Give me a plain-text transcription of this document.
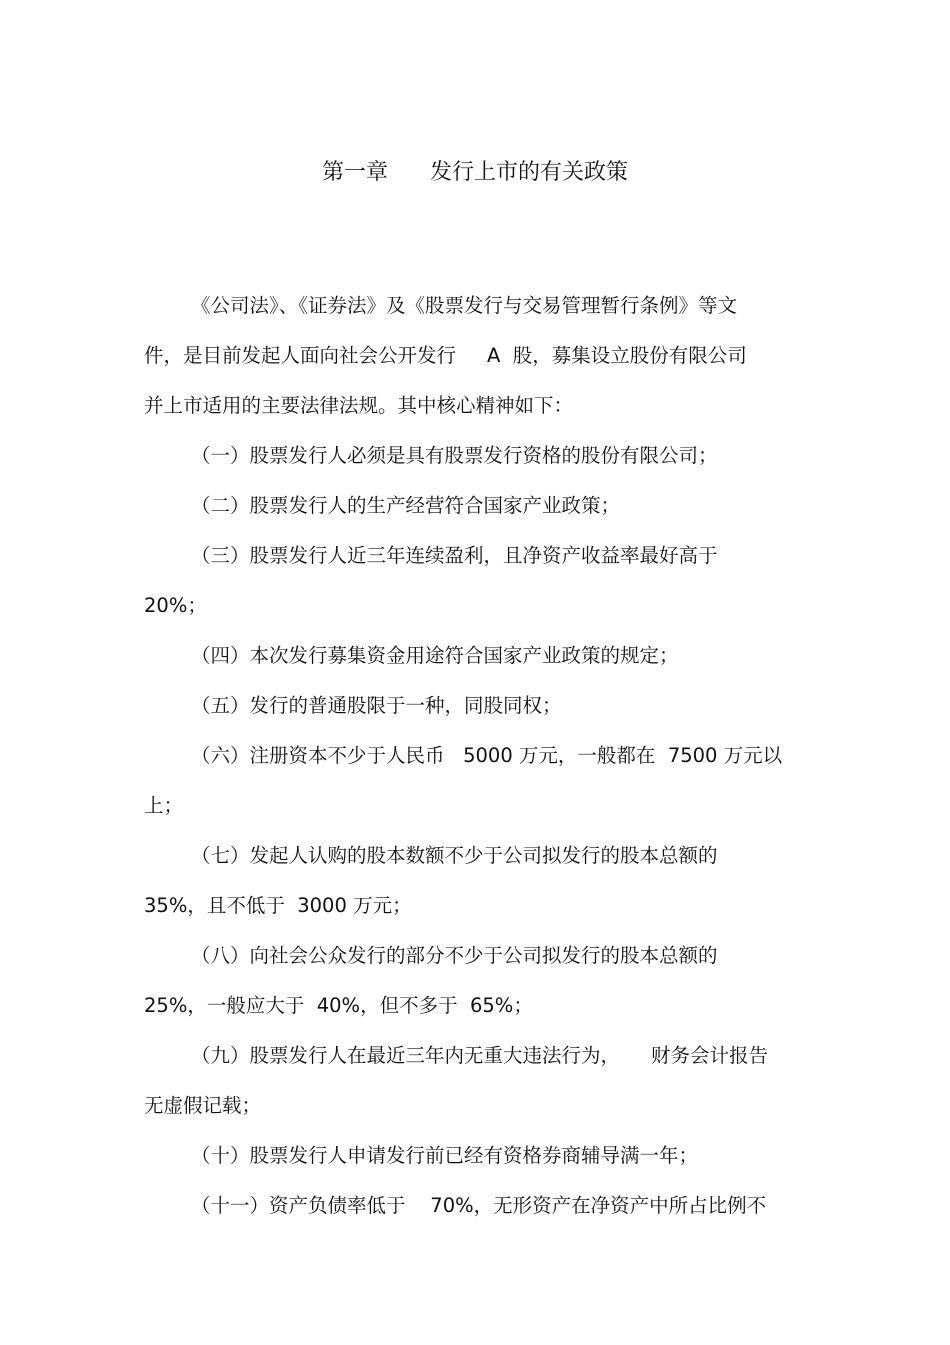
第一章      发行上市的有关政策
《公司法》、《证券法》及《股票发行与交易管理暂行条例》等文
件，是目前发起人面向社会公开发行     A  股，募集设立股份有限公司
并上市适用的主要法律法规。其中核心精神如下：
（一）股票发行人必须是具有股票发行资格的股份有限公司；
（二）股票发行人的生产经营符合国家产业政策；
（三）股票发行人近三年连续盈利，且净资产收益率最好高于
20%；
（四）本次发行募集资金用途符合国家产业政策的规定；
（五）发行的普通股限于一种，同股同权；
（六）注册资本不少于人民币   5000 万元，一般都在  7500 万元以
上；
（七）发起人认购的股本数额不少于公司拟发行的股本总额的
35%，且不低于  3000 万元；
（八）向社会公众发行的部分不少于公司拟发行的股本总额的
25%，一般应大于  40%，但不多于  65%；
（九）股票发行人在最近三年内无重大违法行为，     财务会计报告
无虚假记载；
（十）股票发行人申请发行前已经有资格券商辅导满一年；
（十一）资产负债率低于    70%，无形资产在净资产中所占比例不
